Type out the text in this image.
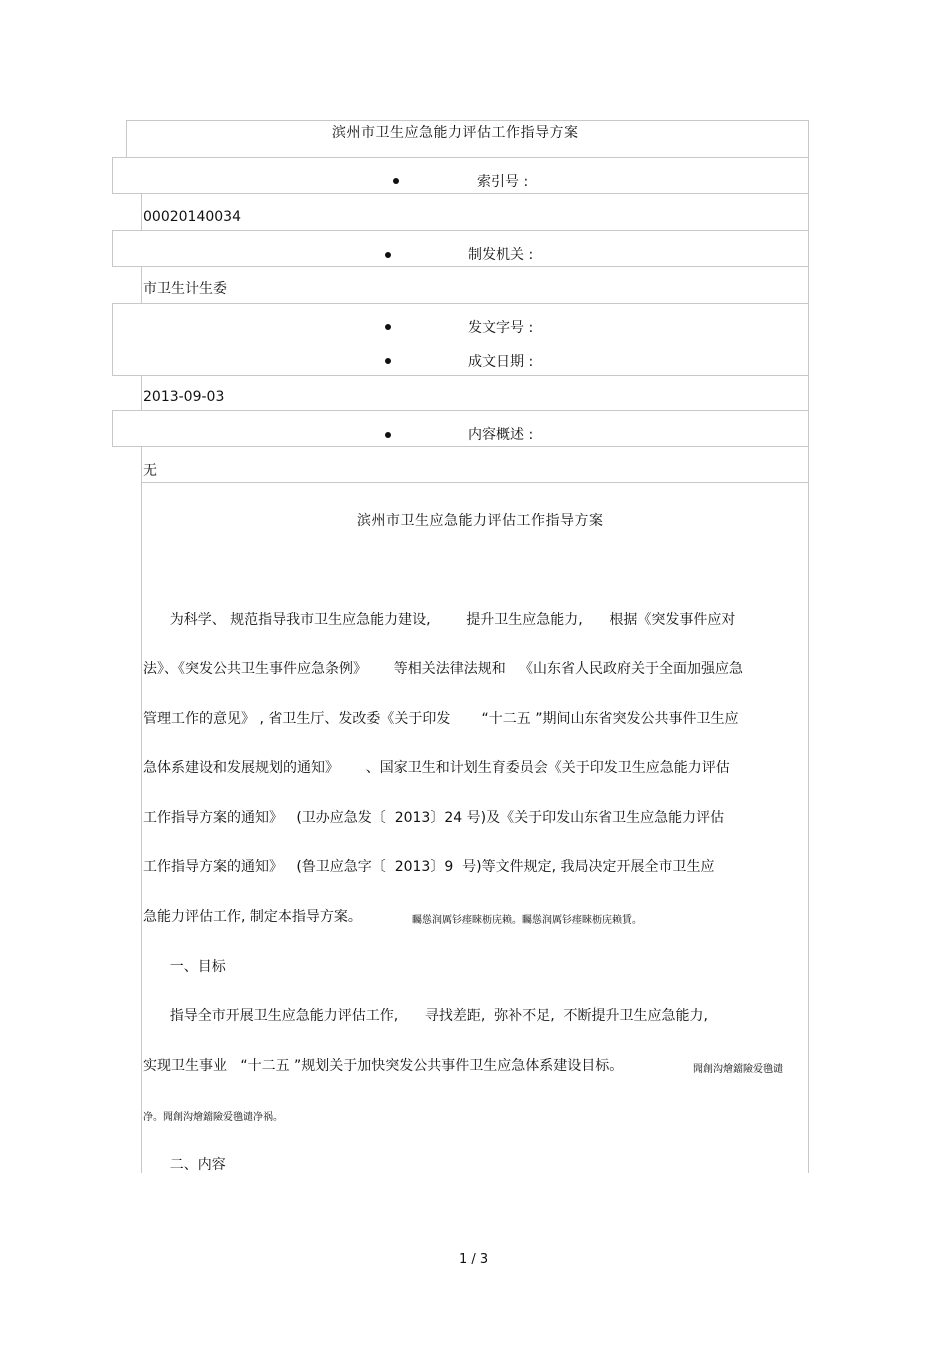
滨州市卫生应急能力评估工作指导方案
索引号 :
00020140034
制发机关 :
市卫生计生委
发文字号 :
成文日期 :
2013-09-03
内容概述 :
无
滨州市卫生应急能力评估工作指导方案
为科学、 规范指导我市卫生应急能力建设,        提升卫生应急能力,      根据《突发事件应对
法》、《突发公共卫生事件应急条例》      等相关法律法规和   《山东省人民政府关于全面加强应急
管理工作的意见》 , 省卫生厅、发改委《关于印发       “十二五 ”期间山东省突发公共事件卫生应
急体系建设和发展规划的通知》      、国家卫生和计划生育委员会《关于印发卫生应急能力评估
工作指导方案的通知》   (卫办应急发〔  2013〕24 号)及《关于印发山东省卫生应急能力评估
工作指导方案的通知》   (鲁卫应急字〔  2013〕9  号)等文件规定, 我局决定开展全市卫生应
急能力评估工作, 制定本指导方案。	矚慫润厲钐瘗睞枥庑赖。矚慫润厲钐瘗睞枥庑赖賃。
一、目标
指导全市开展卫生应急能力评估工作,      寻找差距,  弥补不足,  不断提升卫生应急能力,
实现卫生事业   “十二五 ”规划关于加快突发公共事件卫生应急体系建设目标。	聞創沟燴鐺險爱氇谴
净。聞創沟燴鐺險爱氇谴净祸。
二、内容
1 / 3
